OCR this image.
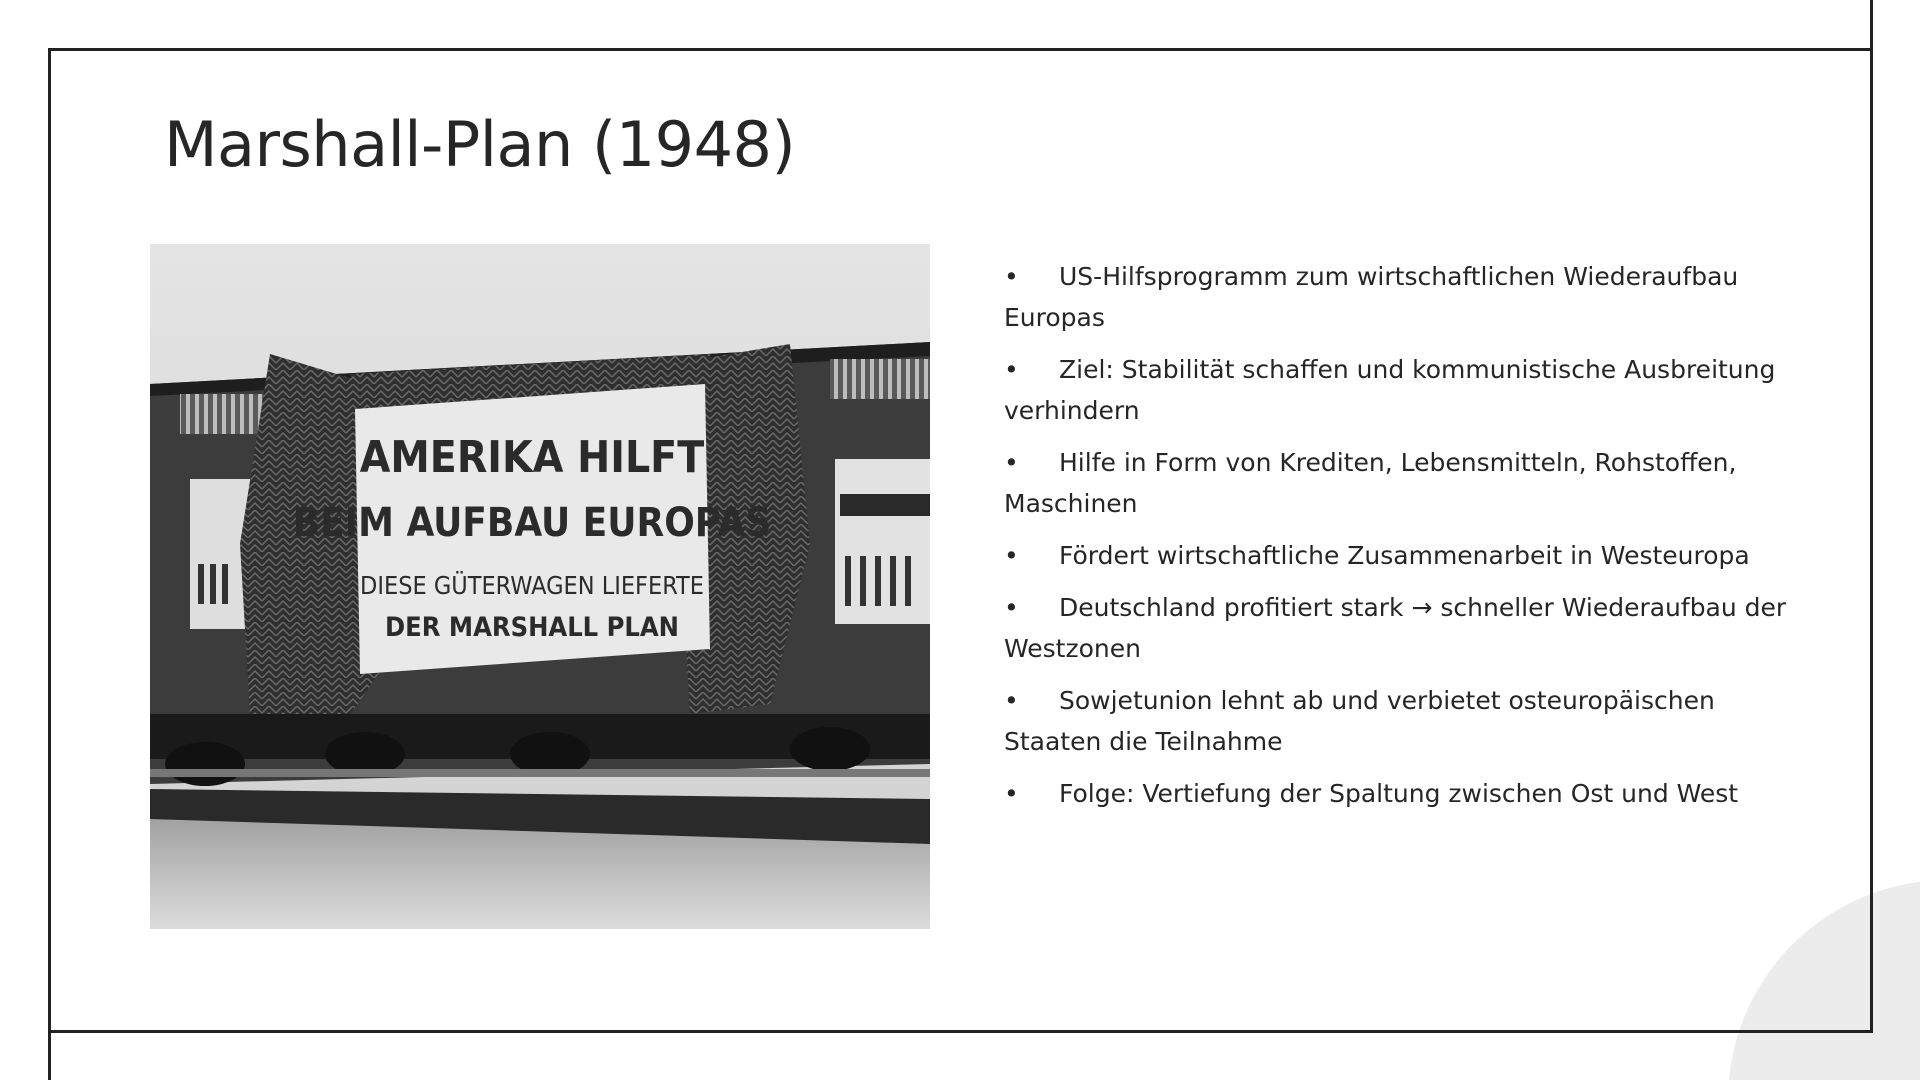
Marshall-Plan (1948)
AMERIKA HILFT
BEIM AUFBAU EUROPAS
DIESE GÜTERWAGEN LIEFERTE
DER MARSHALL PLAN
• US-Hilfsprogramm zum wirtschaftlichen Wiederaufbau Europas
• Ziel: Stabilität schaffen und kommunistische Ausbreitung verhindern
• Hilfe in Form von Krediten, Lebensmitteln, Rohstoffen, Maschinen
• Fördert wirtschaftliche Zusammenarbeit in Westeuropa
• Deutschland profitiert stark → schneller Wiederaufbau der Westzonen
• Sowjetunion lehnt ab und verbietet osteuropäischen Staaten die Teilnahme
• Folge: Vertiefung der Spaltung zwischen Ost und West
